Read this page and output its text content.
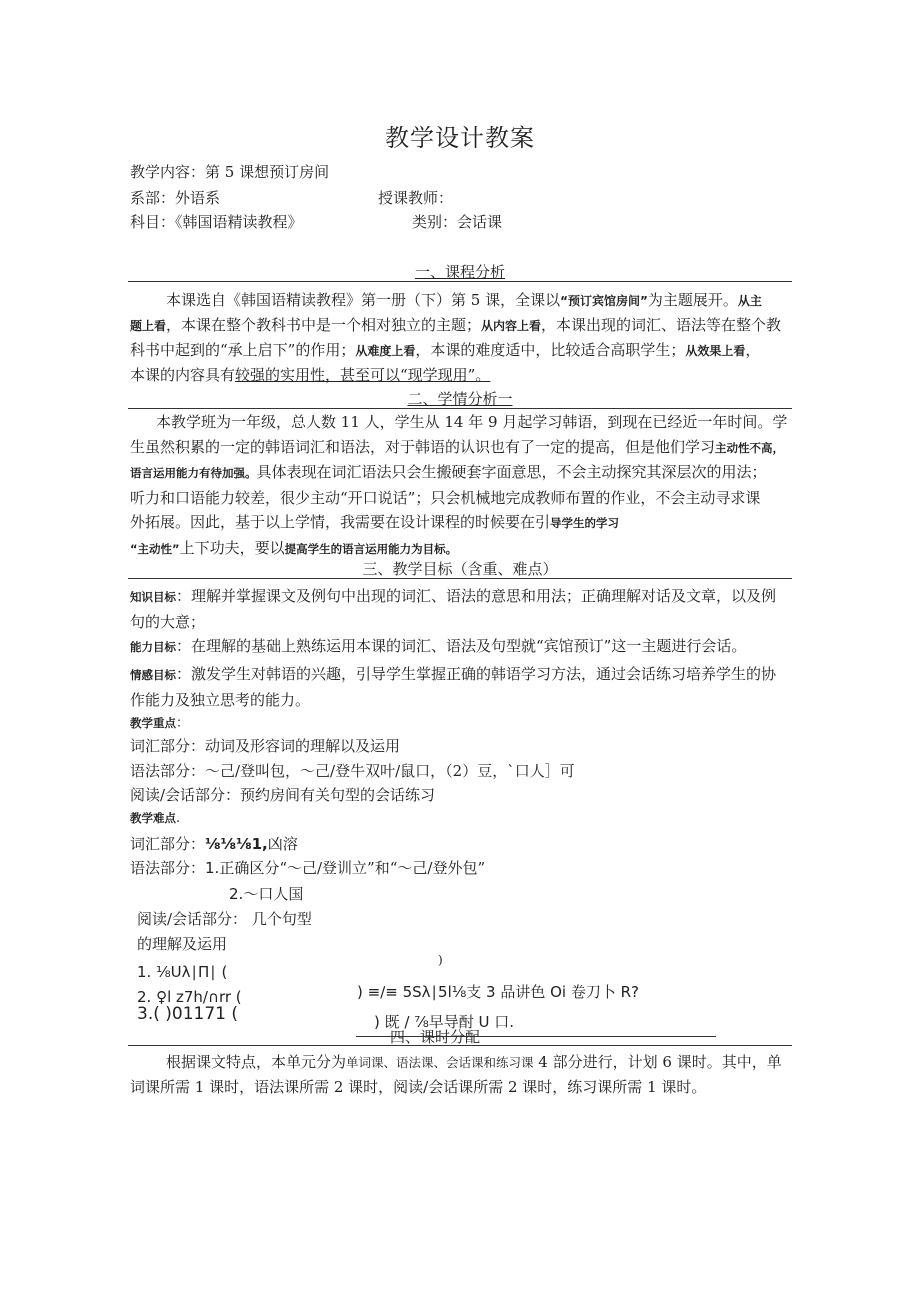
教学设计教案
教学内容：第 5 课想预订房间
系部：外语系	授课教师：
科目：《韩国语精读教程》	类别：会话课
一、课程分析
本课选自《韩国语精读教程》第一册（下）第 5 课，全课以“预订宾馆房间”为主题展开。从主
题上看，本课在整个教科书中是一个相对独立的主题；从内容上看，本课出现的词汇、语法等在整个教
科书中起到的“承上启下”的作用；从难度上看，本课的难度适中，比较适合高职学生；从效果上看，
本课的内容具有较强的实用性，甚至可以“现学现用”。
二、学情分析一
本教学班为一年级，总人数 11 人，学生从 14 年 9 月起学习韩语，到现在已经近一年时间。学
生虽然积累的一定的韩语词汇和语法，对于韩语的认识也有了一定的提高，但是他们学习主动性不高，
语言运用能力有待加强。具体表现在词汇语法只会生搬硬套字面意思，不会主动探究其深层次的用法；
听力和口语能力较差，很少主动“开口说话”；只会机械地完成教师布置的作业，不会主动寻求课
外拓展。因此，基于以上学情，我需要在设计课程的时候要在引导学生的学习
“主动性”上下功夫，要以提高学生的语言运用能力为目标。
三、教学目标（含重、难点）
知识目标：理解并掌握课文及例句中出现的词汇、语法的意思和用法；正确理解对话及文章，以及例
句的大意；
能力目标：在理解的基础上熟练运用本课的词汇、语法及句型就“宾馆预订”这一主题进行会话。
情感目标：激发学生对韩语的兴趣，引导学生掌握正确的韩语学习方法，通过会话练习培养学生的协
作能力及独立思考的能力。
教学重点：
词汇部分：动词及形容词的理解以及运用
语法部分：〜己/登叫包，〜己/登牛双叶/鼠口，（2）豆，`口人］可
阅读/会话部分：预约房间有关句型的会话练习
教学难点.
词汇部分：⅛⅛⅛1,凶溶
语法部分：1.正确区分“〜己/登训立”和“〜己/登外包”
2.〜口人国
阅读/会话部分： 几个句型
的理解及运用
1. ⅛Uλ∣Π∣ (
)
) ≡∕≡ 5Sλ∣5l⅛支 3 品讲色 Oi 卷刀卜 R?
2. ♀l z7h/∩rr (
3.( )01171 (	) 既 / ⅞早导酎 U 口.
四、课时分配
根据课文特点，本单元分为单词课、语法课、会话课和练习课 4 部分进行，计划 6 课时。其中，单
词课所需 1 课时，语法课所需 2 课时，阅读/会话课所需 2 课时，练习课所需 1 课时。
